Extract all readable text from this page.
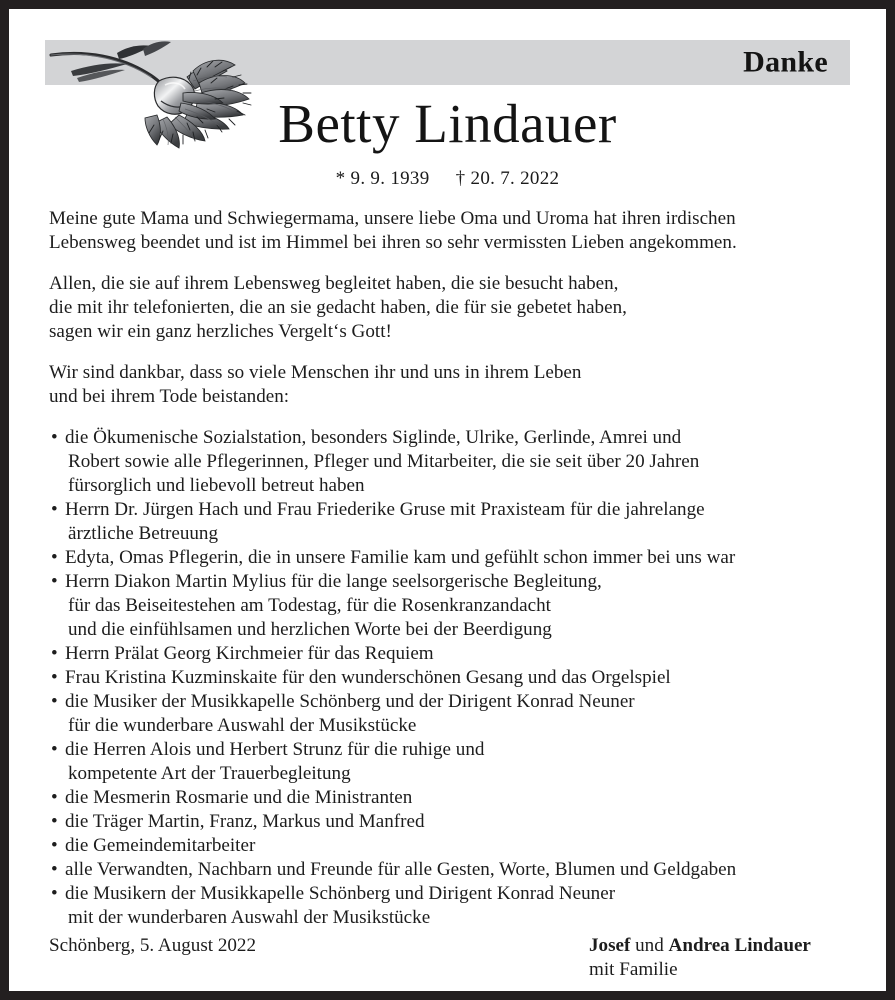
Danke
Betty Lindauer
* 9. 9. 1939 † 20. 7. 2022

Meine gute Mama und Schwiegermama, unsere liebe Oma und Uroma hat ihren irdischen
Lebensweg beendet und ist im Himmel bei ihren so sehr vermissten Lieben angekommen.

Allen, die sie auf ihrem Lebensweg begleitet haben, die sie besucht haben,
die mit ihr telefonierten, die an sie gedacht haben, die für sie gebetet haben,
sagen wir ein ganz herzliches Vergelt‘s Gott!

Wir sind dankbar, dass so viele Menschen ihr und uns in ihrem Leben
und bei ihrem Tode beistanden:

• die Ökumenische Sozialstation, besonders Siglinde, Ulrike, Gerlinde, Amrei und
Robert sowie alle Pflegerinnen, Pfleger und Mitarbeiter, die sie seit über 20 Jahren
fürsorglich und liebevoll betreut haben
• Herrn Dr. Jürgen Hach und Frau Friederike Gruse mit Praxisteam für die jahrelange
ärztliche Betreuung
• Edyta, Omas Pflegerin, die in unsere Familie kam und gefühlt schon immer bei uns war
• Herrn Diakon Martin Mylius für die lange seelsorgerische Begleitung,
für das Beiseitestehen am Todestag, für die Rosenkranzandacht
und die einfühlsamen und herzlichen Worte bei der Beerdigung
• Herrn Prälat Georg Kirchmeier für das Requiem
• Frau Kristina Kuzminskaite für den wunderschönen Gesang und das Orgelspiel
• die Musiker der Musikkapelle Schönberg und der Dirigent Konrad Neuner
für die wunderbare Auswahl der Musikstücke
• die Herren Alois und Herbert Strunz für die ruhige und
kompetente Art der Trauerbegleitung
• die Mesmerin Rosmarie und die Ministranten
• die Träger Martin, Franz, Markus und Manfred
• die Gemeindemitarbeiter
• alle Verwandten, Nachbarn und Freunde für alle Gesten, Worte, Blumen und Geldgaben
• die Musikern der Musikkapelle Schönberg und Dirigent Konrad Neuner
mit der wunderbaren Auswahl der Musikstücke
Schönberg, 5. August 2022	Josef und Andrea Lindauer
mit Familie
